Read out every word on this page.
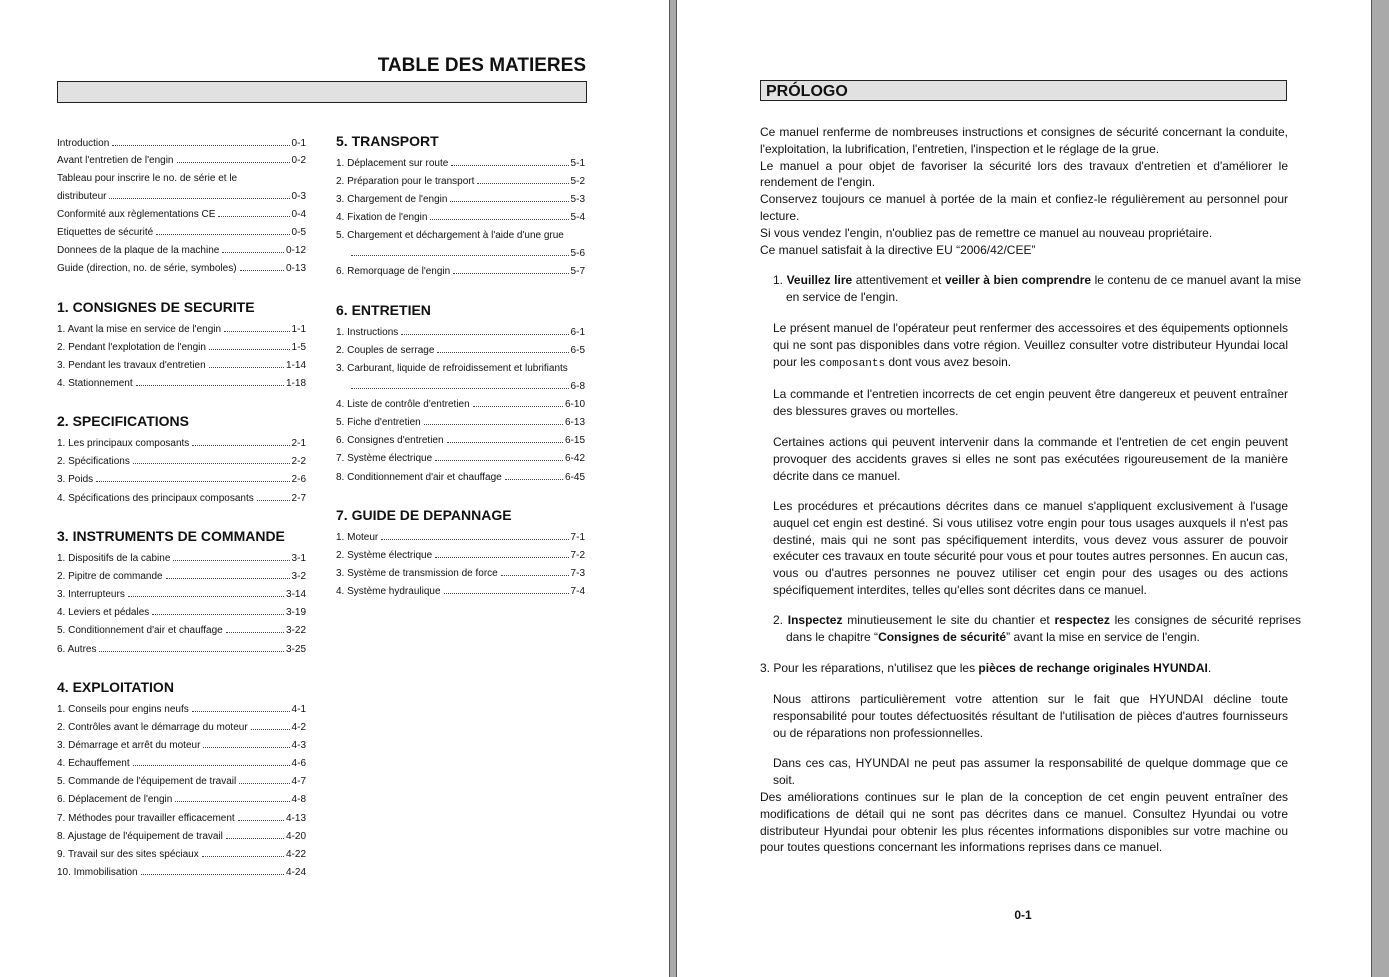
TABLE DES MATIERES
Introduction	0-1
Avant l'entretien de l'engin	0-2
Tableau pour inscrire le no. de série et le
distributeur	0-3
Conformité aux règlementations CE	0-4
Etiquettes de sécurité	0-5
Donnees de la plaque de la machine	0-12
Guide (direction, no. de série, symboles)	0-13
1. CONSIGNES DE SECURITE
1. Avant la mise en service de l'engin	1-1
2. Pendant l'explotation de l'engin	1-5
3. Pendant les travaux d'entretien	1-14
4. Stationnement	1-18
2. SPECIFICATIONS
1. Les principaux composants	2-1
2. Spécifications	2-2
3. Poids	2-6
4. Spécifications des principaux composants	2-7
3. INSTRUMENTS DE COMMANDE
1. Dispositifs de la cabine	3-1
2. Pipitre de commande	3-2
3. Interrupteurs	3-14
4. Leviers et pédales	3-19
5. Conditionnement d'air et chauffage	3-22
6. Autres	3-25
4. EXPLOITATION
1. Conseils pour engins neufs	4-1
2. Contrôles avant le démarrage du moteur	4-2
3. Démarrage et arrêt du moteur	4-3
4. Echauffement	4-6
5. Commande de l'équipement de travail	4-7
6. Déplacement de l'engin	4-8
7. Méthodes pour travailler efficacement	4-13
8. Ajustage de l'équipement de travail	4-20
9. Travail sur des sites spéciaux	4-22
10. Immobilisation	4-24
5. TRANSPORT
1. Déplacement sur route	5-1
2. Préparation pour le transport	5-2
3. Chargement de l'engin	5-3
4. Fixation de l'engin	5-4
5. Chargement et déchargement à l'aide d'une grue
5-6
6. Remorquage de l'engin	5-7
6. ENTRETIEN
1. Instructions	6-1
2. Couples de serrage	6-5
3. Carburant, liquide de refroidissement et lubrifiants
6-8
4. Liste de contrôle d'entretien	6-10
5. Fiche d'entretien	6-13
6. Consignes d'entretien	6-15
7. Système électrique	6-42
8. Conditionnement d'air et chauffage	6-45
7. GUIDE DE DEPANNAGE
1. Moteur	7-1
2. Système électrique	7-2
3. Système de transmission de force	7-3
4. Système hydraulique	7-4
PRÓLOGO

Ce manuel renferme de nombreuses instructions et consignes de sécurité concernant la conduite, l'exploitation, la lubrification, l'entretien, l'inspection et le réglage de la grue.

Le manuel a pour objet de favoriser la sécurité lors des travaux d'entretien et d'améliorer le rendement de l'engin.

Conservez toujours ce manuel à portée de la main et confiez-le régulièrement au personnel pour lecture.

Si vous vendez l'engin, n'oubliez pas de remettre ce manuel au nouveau propriétaire.

Ce manuel satisfait à la directive EU “2006/42/CEE”

1. Veuillez lire attentivement et veiller à bien comprendre le contenu de ce manuel avant la mise en service de l'engin.
Le présent manuel de l'opérateur peut renfermer des accessoires et des équipements optionnels qui ne sont pas disponibles dans votre région. Veuillez consulter votre distributeur Hyundai local pour les composants dont vous avez besoin.
La commande et l'entretien incorrects de cet engin peuvent être dangereux et peuvent entraîner des blessures graves ou mortelles.
Certaines actions qui peuvent intervenir dans la commande et l'entretien de cet engin peuvent provoquer des accidents graves si elles ne sont pas exécutées rigoureusement de la manière décrite dans ce manuel.
Les procédures et précautions décrites dans ce manuel s'appliquent exclusivement à l'usage auquel cet engin est destiné. Si vous utilisez votre engin pour tous usages auxquels il n'est pas destiné, mais qui ne sont pas spécifiquement interdits, vous devez vous assurer de pouvoir exécuter ces travaux en toute sécurité pour vous et pour toutes autres personnes. En aucun cas, vous ou d'autres personnes ne pouvez utiliser cet engin pour des usages ou des actions spécifiquement interdites, telles qu'elles sont décrites dans ce manuel.
2. Inspectez minutieusement le site du chantier et respectez les consignes de sécurité reprises dans le chapitre “Consignes de sécurité” avant la mise en service de l'engin.
3. Pour les réparations, n'utilisez que les pièces de rechange originales HYUNDAI.
Nous attirons particulièrement votre attention sur le fait que HYUNDAI décline toute responsabilité pour toutes défectuosités résultant de l'utilisation de pièces d'autres fournisseurs ou de réparations non professionnelles.
Dans ces cas, HYUNDAI ne peut pas assumer la responsabilité de quelque dommage que ce soit.
Des améliorations continues sur le plan de la conception de cet engin peuvent entraîner des modifications de détail qui ne sont pas décrites dans ce manuel. Consultez Hyundai ou votre distributeur Hyundai pour obtenir les plus récentes informations disponibles sur votre machine ou pour toutes questions concernant les informations reprises dans ce manuel.
0-1
